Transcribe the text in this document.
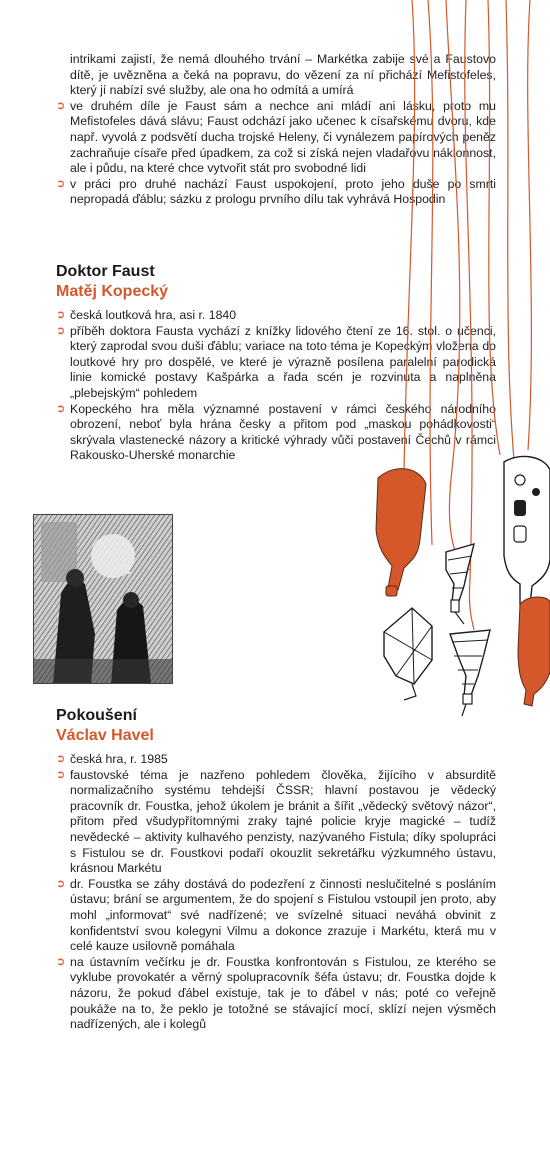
intrikami zajistí, že nemá dlouhého trvání – Markétka zabije své a Faustovo dítě, je uvězněna a čeká na popravu, do vězení za ní přichází Mefistofeles, který jí nabízí své služby, ale ona ho odmítá a umírá

➲ ve druhém díle je Faust sám a nechce ani mládí ani lásku, proto mu Mefistofeles dává slávu; Faust odchází jako učenec k císařskému dvoru, kde např. vyvolá z podsvětí ducha trojské Heleny, či vynálezem papírových peněz zachraňuje císaře před úpadkem, za což si získá nejen vladařovu náklonnost, ale i půdu, na které chce vytvořit stát pro svobodné lidi

➲ v práci pro druhé nachází Faust uspokojení, proto jeho duše po smrti nepropadá ďáblu; sázku z prologu prvního dílu tak vyhrává Hospodin

Doktor Faust
Matěj Kopecký
➲ česká loutková hra, asi r. 1840

➲ příběh doktora Fausta vychází z knížky lidového čtení ze 16. stol. o učenci, který zaprodal svou duši ďáblu; variace na toto téma je Kopeckým vložena do loutkové hry pro dospělé, ve které je výrazně posílena paralelní parodická linie komické postavy Kašpárka a řada scén je rozvinuta a naplněna „plebejským“ pohledem

➲ Kopeckého hra měla významné postavení v rámci českého národního obrození, neboť byla hrána česky a přitom pod „maskou pohádkovosti“ skrývala vlastenecké názory a kritické výhrady vůči postavení Čechů v rámci Rakousko-Uherské monarchie

Pokoušení
Václav Havel
➲ česká hra, r. 1985

➲ faustovské téma je nazřeno pohledem člověka, žijícího v absurditě normalizačního systému tehdejší ČSSR; hlavní postavou je vědecký pracovník dr. Foustka, jehož úkolem je bránit a šířit „vědecký světový názor“, přitom před všudypřítomnými zraky tajné policie kryje magické – tudíž nevědecké – aktivity kulhavého penzisty, nazývaného Fistula; díky spolupráci s Fistulou se dr. Foustkovi podaří okouzlit sekretářku výzkumného ústavu, krásnou Markétu

➲ dr. Foustka se záhy dostává do podezření z činnosti neslučitelné s posláním ústavu; brání se argumentem, že do spojení s Fistulou vstoupil jen proto, aby mohl „informovat“ své nadřízené; ve svízelné situaci neváhá obvinit z konfidentství svou kolegyni Vilmu a dokonce zrazuje i Markétu, která mu v celé kauze usilovně pomáhala

➲ na ústavním večírku je dr. Foustka konfrontován s Fistulou, ze kterého se vyklube provokatér a věrný spolupracovník šéfa ústavu; dr. Foustka dojde k názoru, že pokud ďábel existuje, tak je to ďábel v nás; poté co veřejně poukáže na to, že peklo je totožné se stávající mocí, sklízí nejen výsměch nadřízených, ale i kolegů
